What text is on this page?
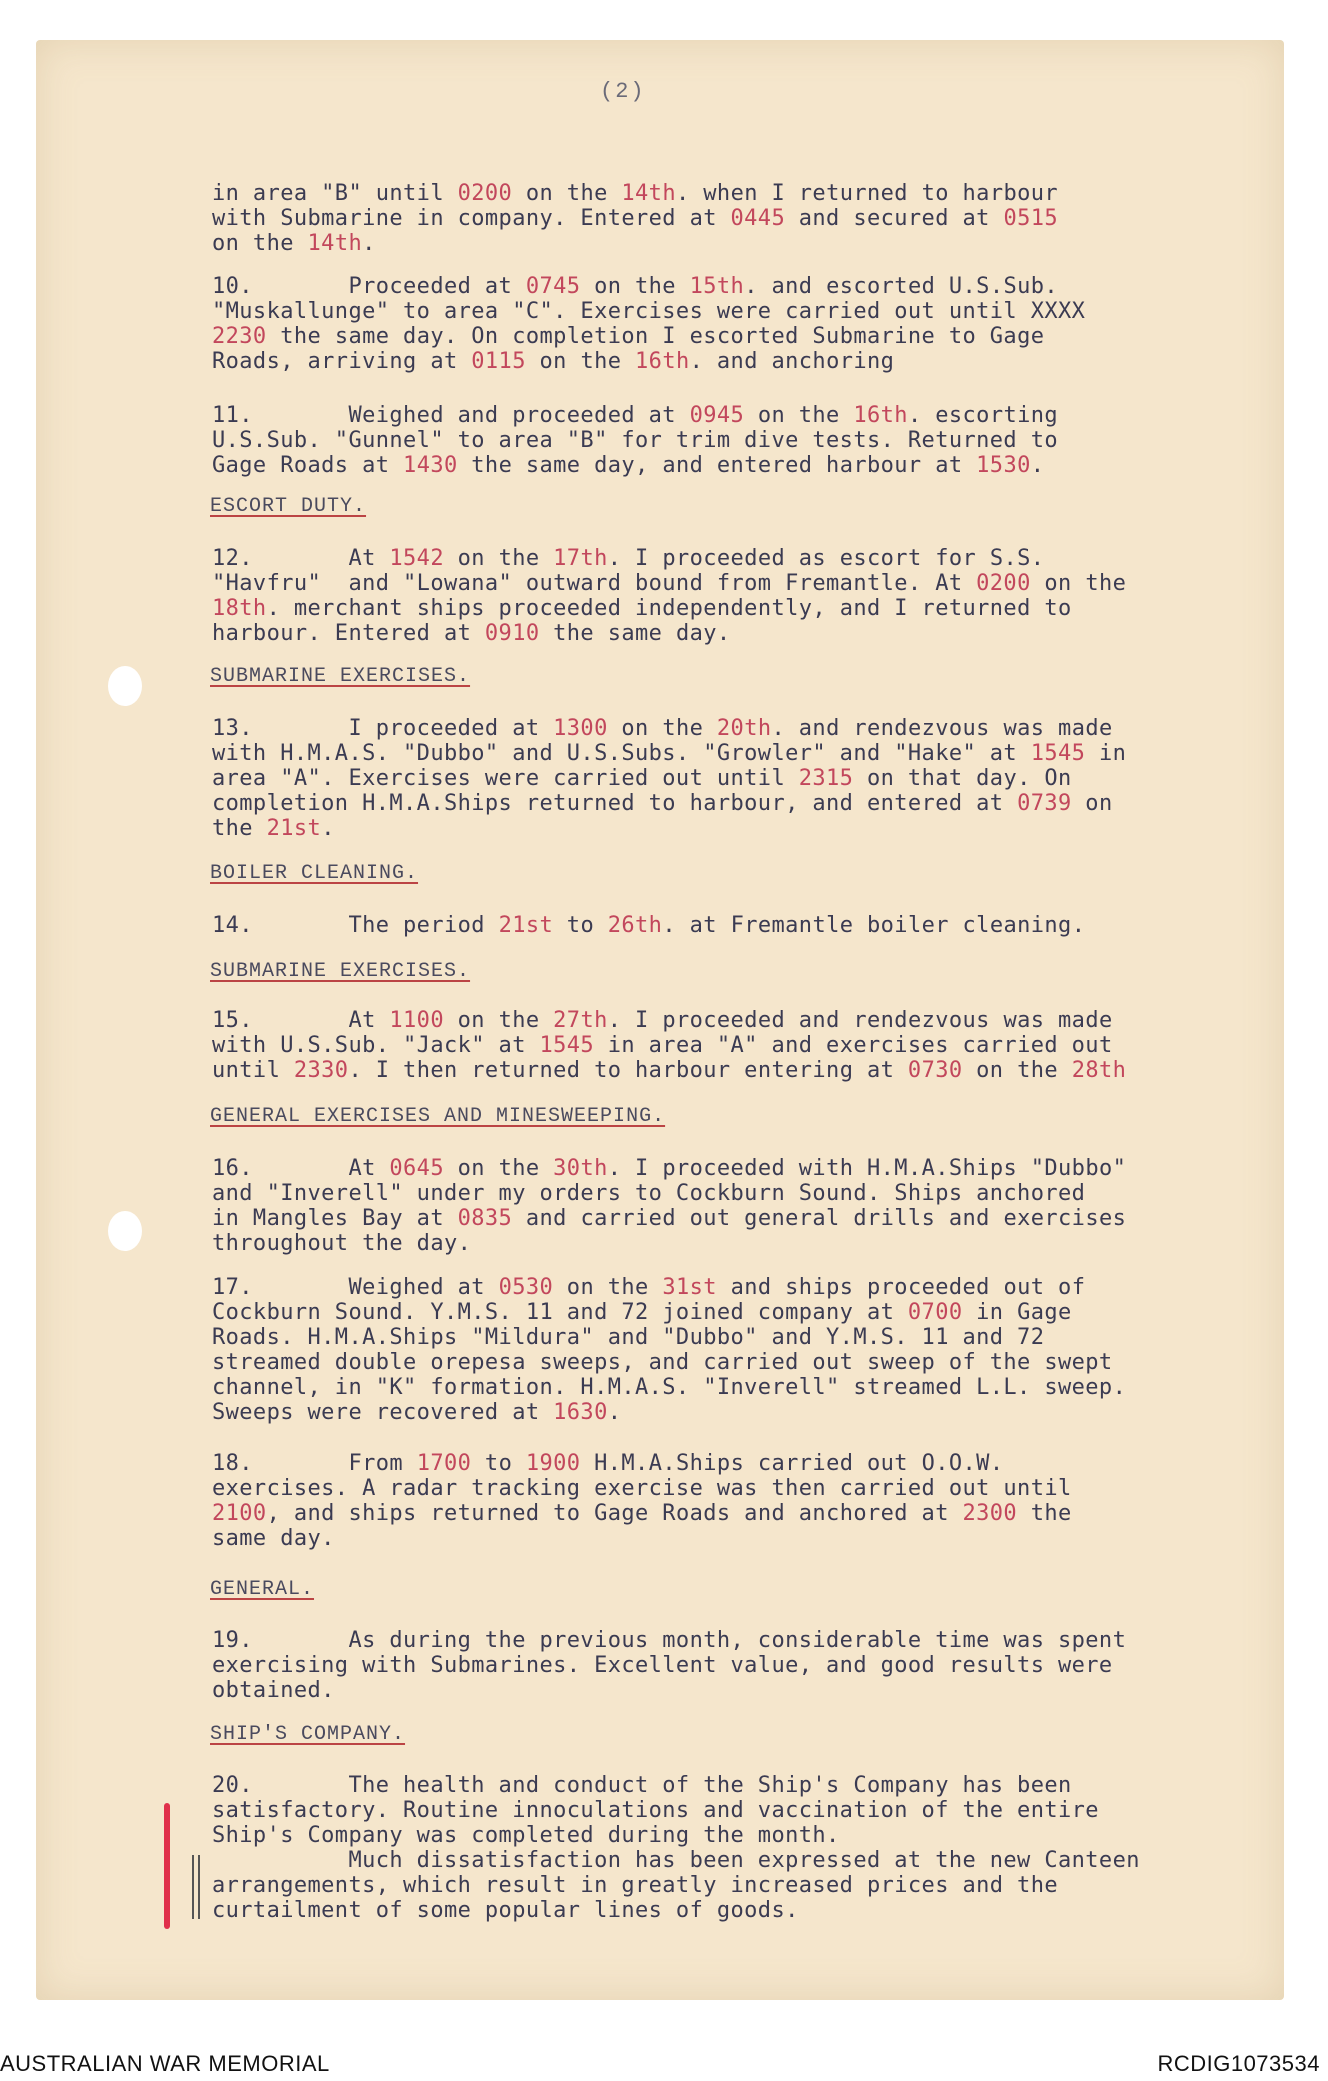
(2)
in area "B" until 0200 on the 14th. when I returned to harbour
with Submarine in company. Entered at 0445 and secured at 0515
on the 14th.
10.       Proceeded at 0745 on the 15th. and escorted U.S.Sub.
"Muskallunge" to area "C". Exercises were carried out until XXXX
2230 the same day. On completion I escorted Submarine to Gage
Roads, arriving at 0115 on the 16th. and anchoring
11.       Weighed and proceeded at 0945 on the 16th. escorting
U.S.Sub. "Gunnel" to area "B" for trim dive tests. Returned to
Gage Roads at 1430 the same day, and entered harbour at 1530.
ESCORT DUTY.
12.       At 1542 on the 17th. I proceeded as escort for S.S.
"Havfru"  and "Lowana" outward bound from Fremantle. At 0200 on the
18th. merchant ships proceeded independently, and I returned to
harbour. Entered at 0910 the same day.
SUBMARINE EXERCISES.
13.       I proceeded at 1300 on the 20th. and rendezvous was made
with H.M.A.S. "Dubbo" and U.S.Subs. "Growler" and "Hake" at 1545 in
area "A". Exercises were carried out until 2315 on that day. On
completion H.M.A.Ships returned to harbour, and entered at 0739 on
the 21st.
BOILER CLEANING.
14.       The period 21st to 26th. at Fremantle boiler cleaning.
SUBMARINE EXERCISES.
15.       At 1100 on the 27th. I proceeded and rendezvous was made
with U.S.Sub. "Jack" at 1545 in area "A" and exercises carried out
until 2330. I then returned to harbour entering at 0730 on the 28th
GENERAL EXERCISES AND MINESWEEPING.
16.       At 0645 on the 30th. I proceeded with H.M.A.Ships "Dubbo"
and "Inverell" under my orders to Cockburn Sound. Ships anchored
in Mangles Bay at 0835 and carried out general drills and exercises
throughout the day.
17.       Weighed at 0530 on the 31st and ships proceeded out of
Cockburn Sound. Y.M.S. 11 and 72 joined company at 0700 in Gage
Roads. H.M.A.Ships "Mildura" and "Dubbo" and Y.M.S. 11 and 72
streamed double orepesa sweeps, and carried out sweep of the swept
channel, in "K" formation. H.M.A.S. "Inverell" streamed L.L. sweep.
Sweeps were recovered at 1630.
18.       From 1700 to 1900 H.M.A.Ships carried out O.O.W.
exercises. A radar tracking exercise was then carried out until
2100, and ships returned to Gage Roads and anchored at 2300 the
same day.
GENERAL.
19.       As during the previous month, considerable time was spent
exercising with Submarines. Excellent value, and good results were
obtained.
SHIP'S COMPANY.
20.       The health and conduct of the Ship's Company has been
satisfactory. Routine innoculations and vaccination of the entire
Ship's Company was completed during the month.
Much dissatisfaction has been expressed at the new Canteen
arrangements, which result in greatly increased prices and the
curtailment of some popular lines of goods.
AUSTRALIAN WAR MEMORIAL	RCDIG1073534
